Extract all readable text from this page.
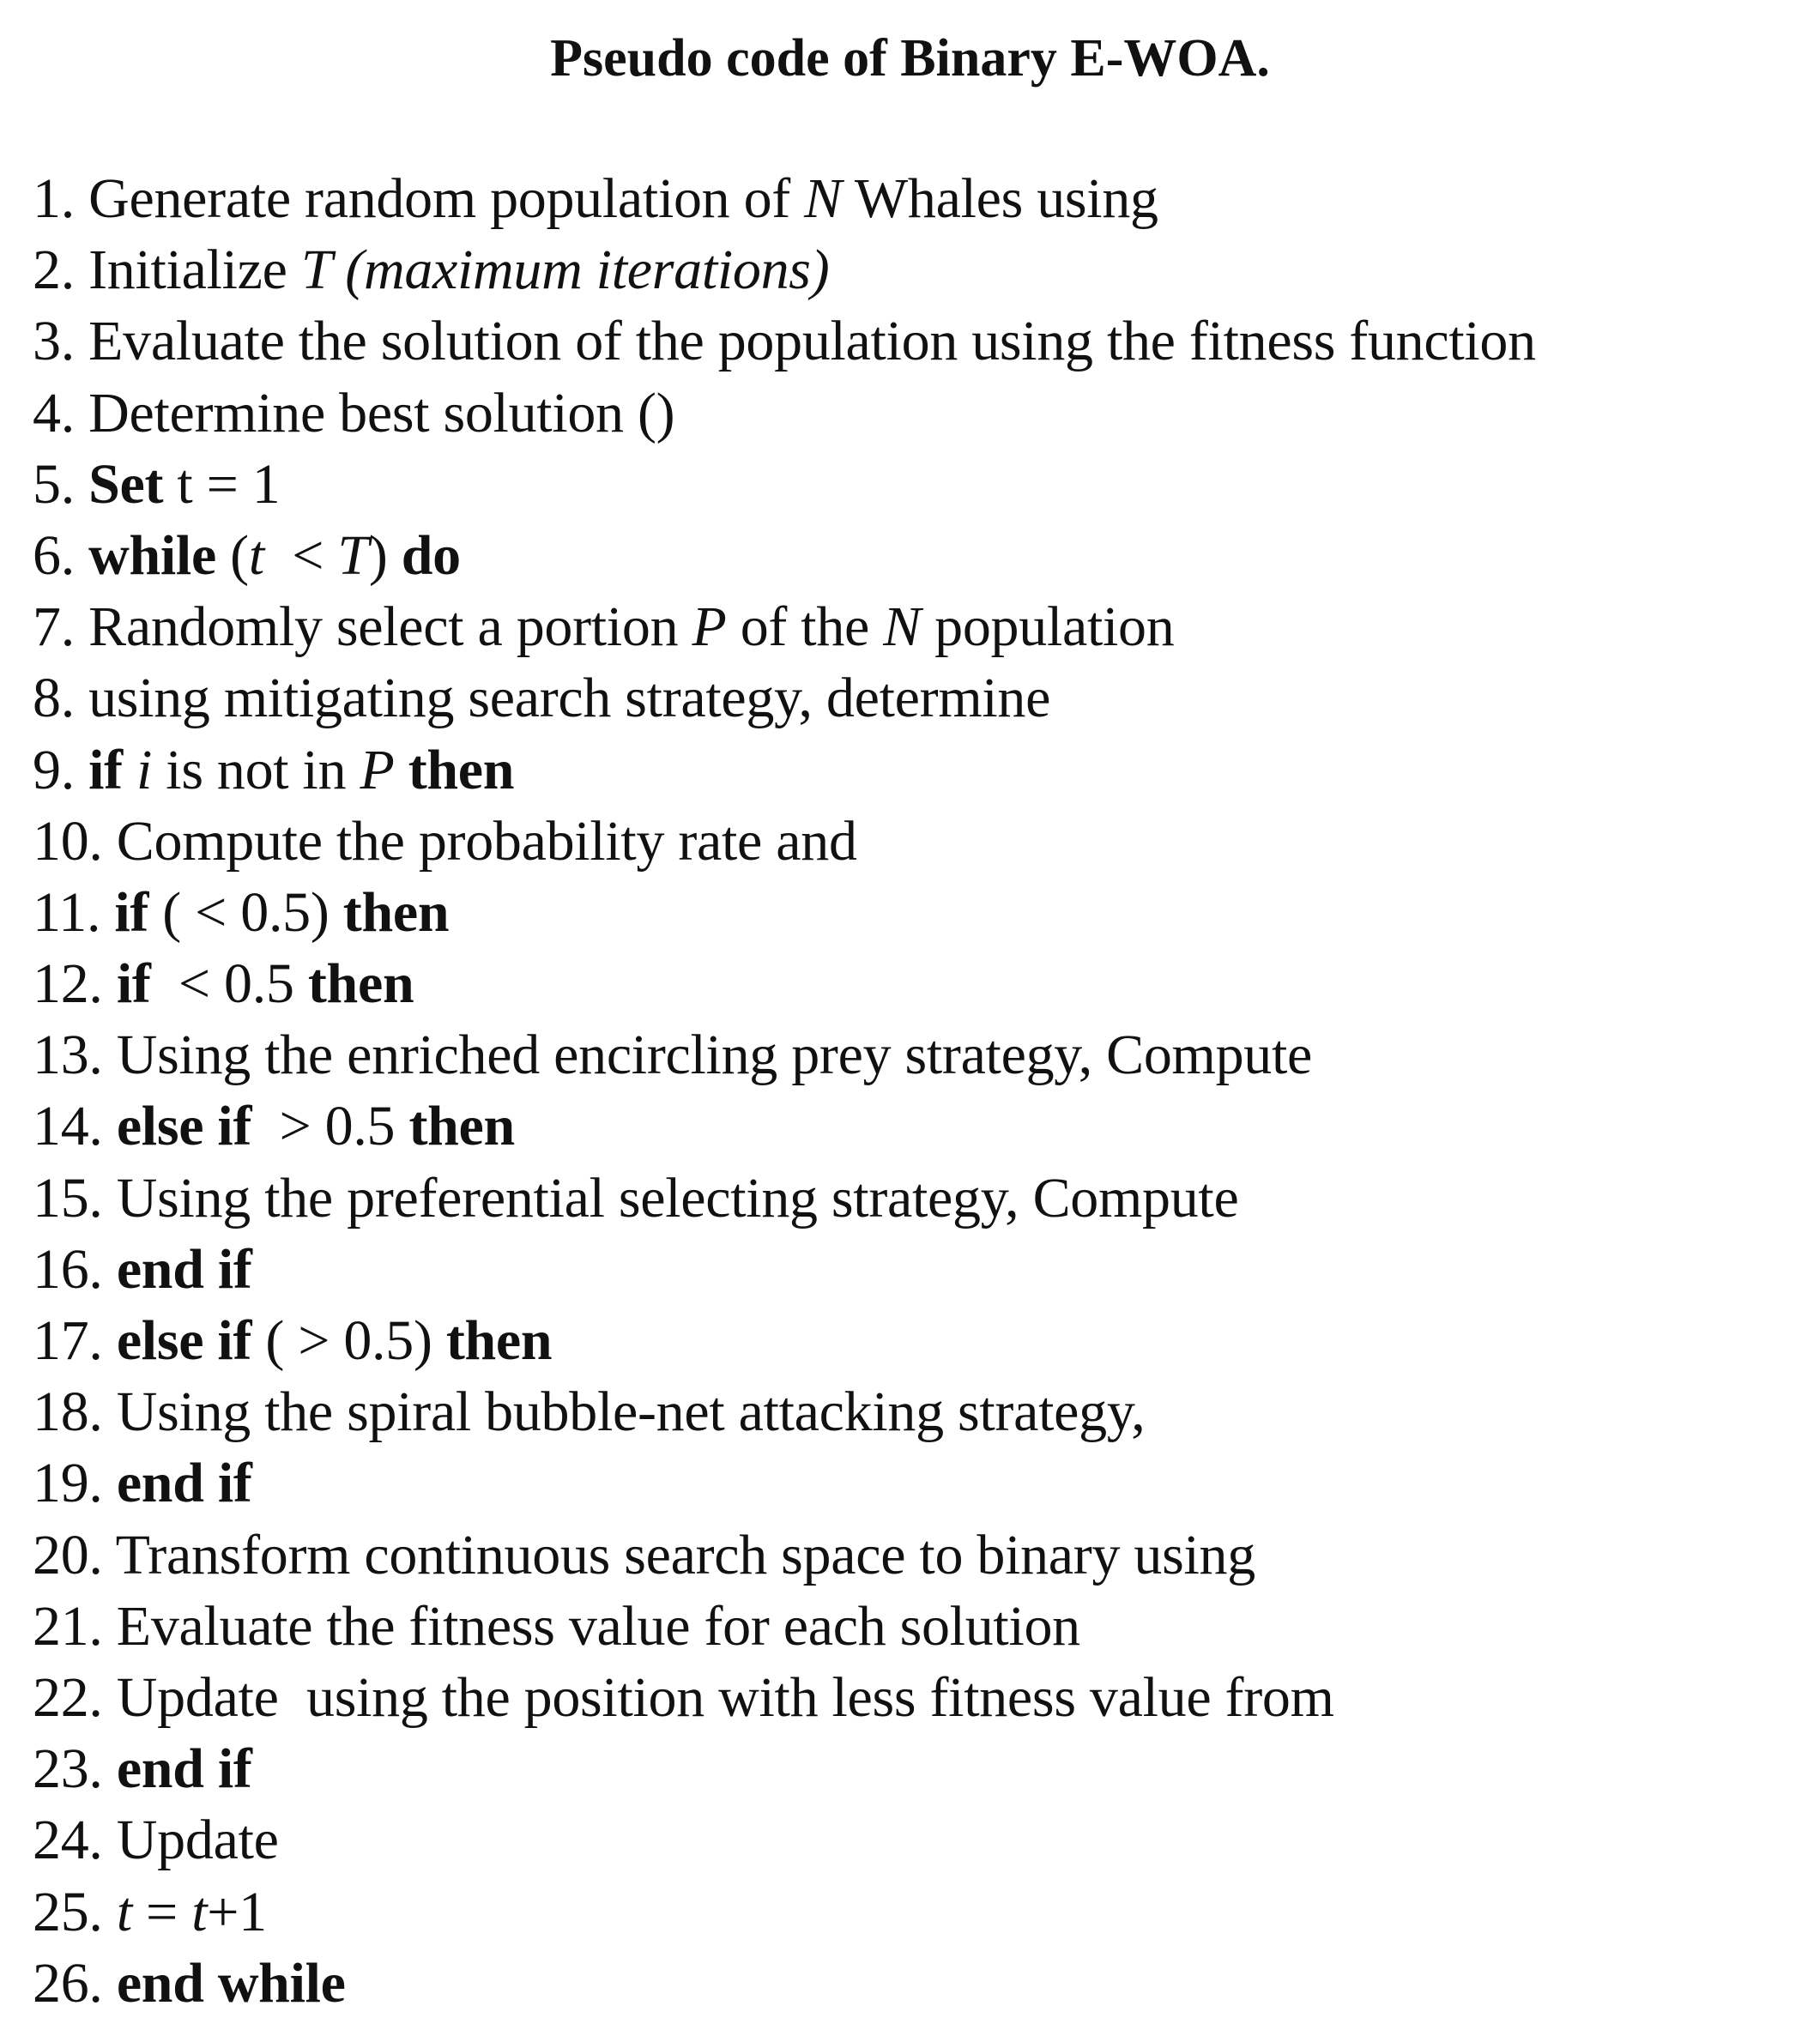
Pseudo code of Binary E-WOA.
1. Generate random population of N Whales using
2. Initialize T (maximum iterations)
3. Evaluate the solution of the population using the fitness function
4. Determine best solution ()
5. Set t = 1
6. while (t  < T) do
7. Randomly select a portion P of the N population
8. using mitigating search strategy, determine
9. if i is not in P then
10. Compute the probability rate and
11. if ( < 0.5) then
12. if  < 0.5 then
13. Using the enriched encircling prey strategy, Compute
14. else if  > 0.5 then
15. Using the preferential selecting strategy, Compute
16. end if
17. else if ( > 0.5) then
18. Using the spiral bubble-net attacking strategy,
19. end if
20. Transform continuous search space to binary using
21. Evaluate the fitness value for each solution
22. Update  using the position with less fitness value from
23. end if
24. Update
25. t = t+1
26. end while
